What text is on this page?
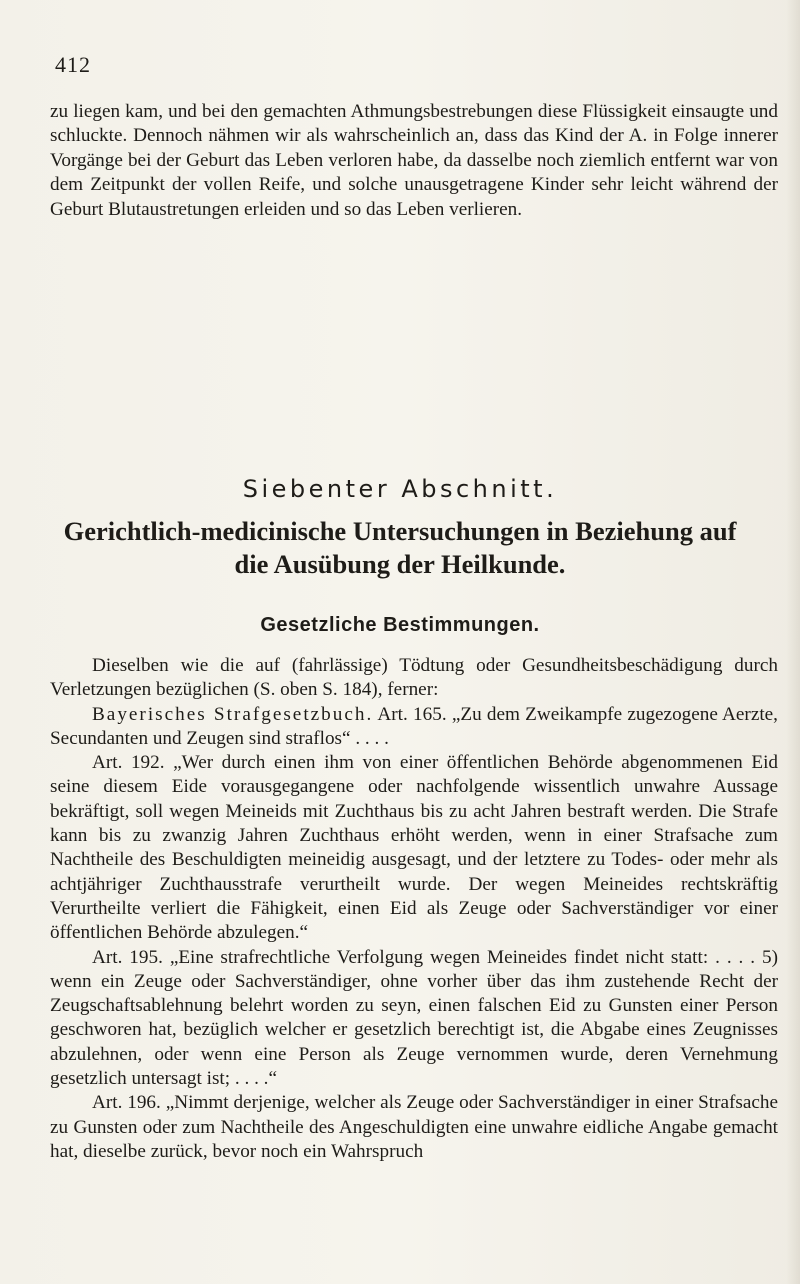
412
zu liegen kam, und bei den gemachten Athmungsbestrebungen diese Flüssigkeit einsaugte und schluckte. Dennoch nähmen wir als wahrscheinlich an, dass das Kind der A. in Folge innerer Vorgänge bei der Geburt das Leben verloren habe, da dasselbe noch ziemlich entfernt war von dem Zeitpunkt der vollen Reife, und solche unausgetragene Kinder sehr leicht während der Geburt Blutaustretungen erleiden und so das Leben verlieren.
Siebenter Abschnitt.
Gerichtlich-medicinische Untersuchungen in Beziehung auf
die Ausübung der Heilkunde.
Gesetzliche Bestimmungen.

Dieselben wie die auf (fahrlässige) Tödtung oder Gesundheitsbeschädigung durch Verletzungen bezüglichen (S. oben S. 184), ferner:

Bayerisches Strafgesetzbuch. Art. 165. „Zu dem Zweikampfe zugezogene Aerzte, Secundanten und Zeugen sind straflos“ . . . .

Art. 192. „Wer durch einen ihm von einer öffentlichen Behörde abgenommenen Eid seine diesem Eide vorausgegangene oder nachfolgende wissentlich unwahre Aussage bekräftigt, soll wegen Meineids mit Zuchthaus bis zu acht Jahren bestraft werden. Die Strafe kann bis zu zwanzig Jahren Zuchthaus erhöht werden, wenn in einer Strafsache zum Nachtheile des Beschuldigten meineidig ausgesagt, und der letztere zu Todes- oder mehr als achtjähriger Zuchthausstrafe verurtheilt wurde. Der wegen Meineides rechtskräftig Verurtheilte verliert die Fähigkeit, einen Eid als Zeuge oder Sachverständiger vor einer öffentlichen Behörde abzulegen.“

Art. 195. „Eine strafrechtliche Verfolgung wegen Meineides findet nicht statt: . . . . 5) wenn ein Zeuge oder Sachverständiger, ohne vorher über das ihm zustehende Recht der Zeugschaftsablehnung belehrt worden zu seyn, einen falschen Eid zu Gunsten einer Person geschworen hat, bezüglich welcher er gesetzlich berechtigt ist, die Abgabe eines Zeugnisses abzulehnen, oder wenn eine Person als Zeuge vernommen wurde, deren Vernehmung gesetzlich untersagt ist; . . . .“

Art. 196. „Nimmt derjenige, welcher als Zeuge oder Sachverständiger in einer Strafsache zu Gunsten oder zum Nachtheile des Angeschuldigten eine unwahre eidliche Angabe gemacht hat, dieselbe zurück, bevor noch ein Wahrspruch
